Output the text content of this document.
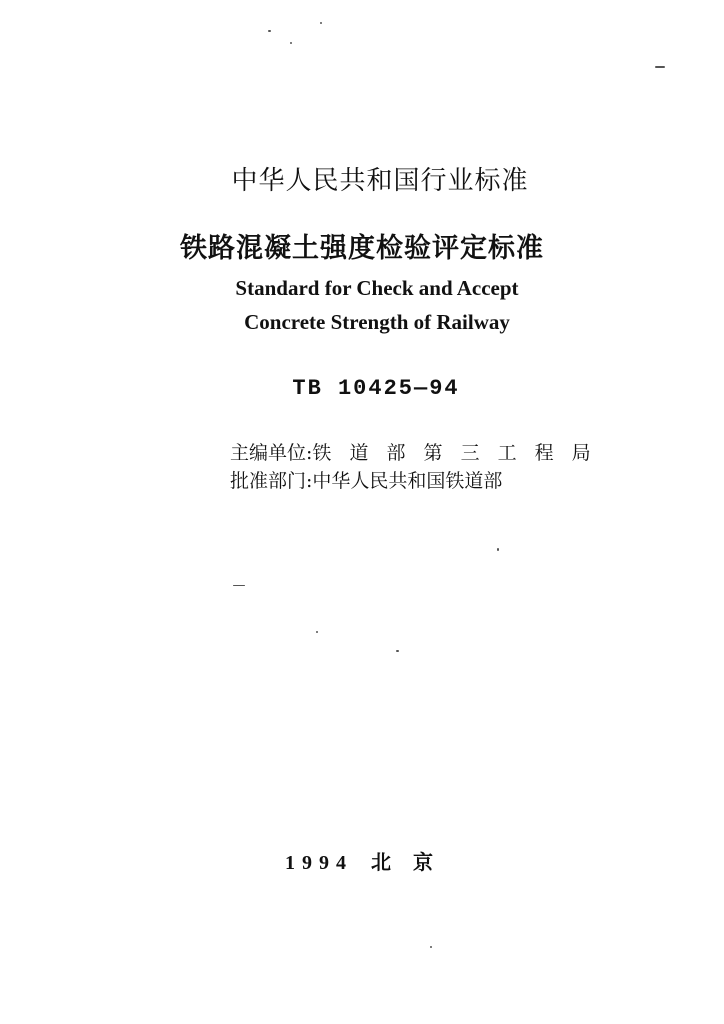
中华人民共和国行业标准
铁路混凝土强度检验评定标准
Standard for Check and Accept
Concrete Strength of Railway
TB 10425—94
主编单位:铁 道 部 第 三 工 程 局
批准部门:中华人民共和国铁道部
1994 北京
